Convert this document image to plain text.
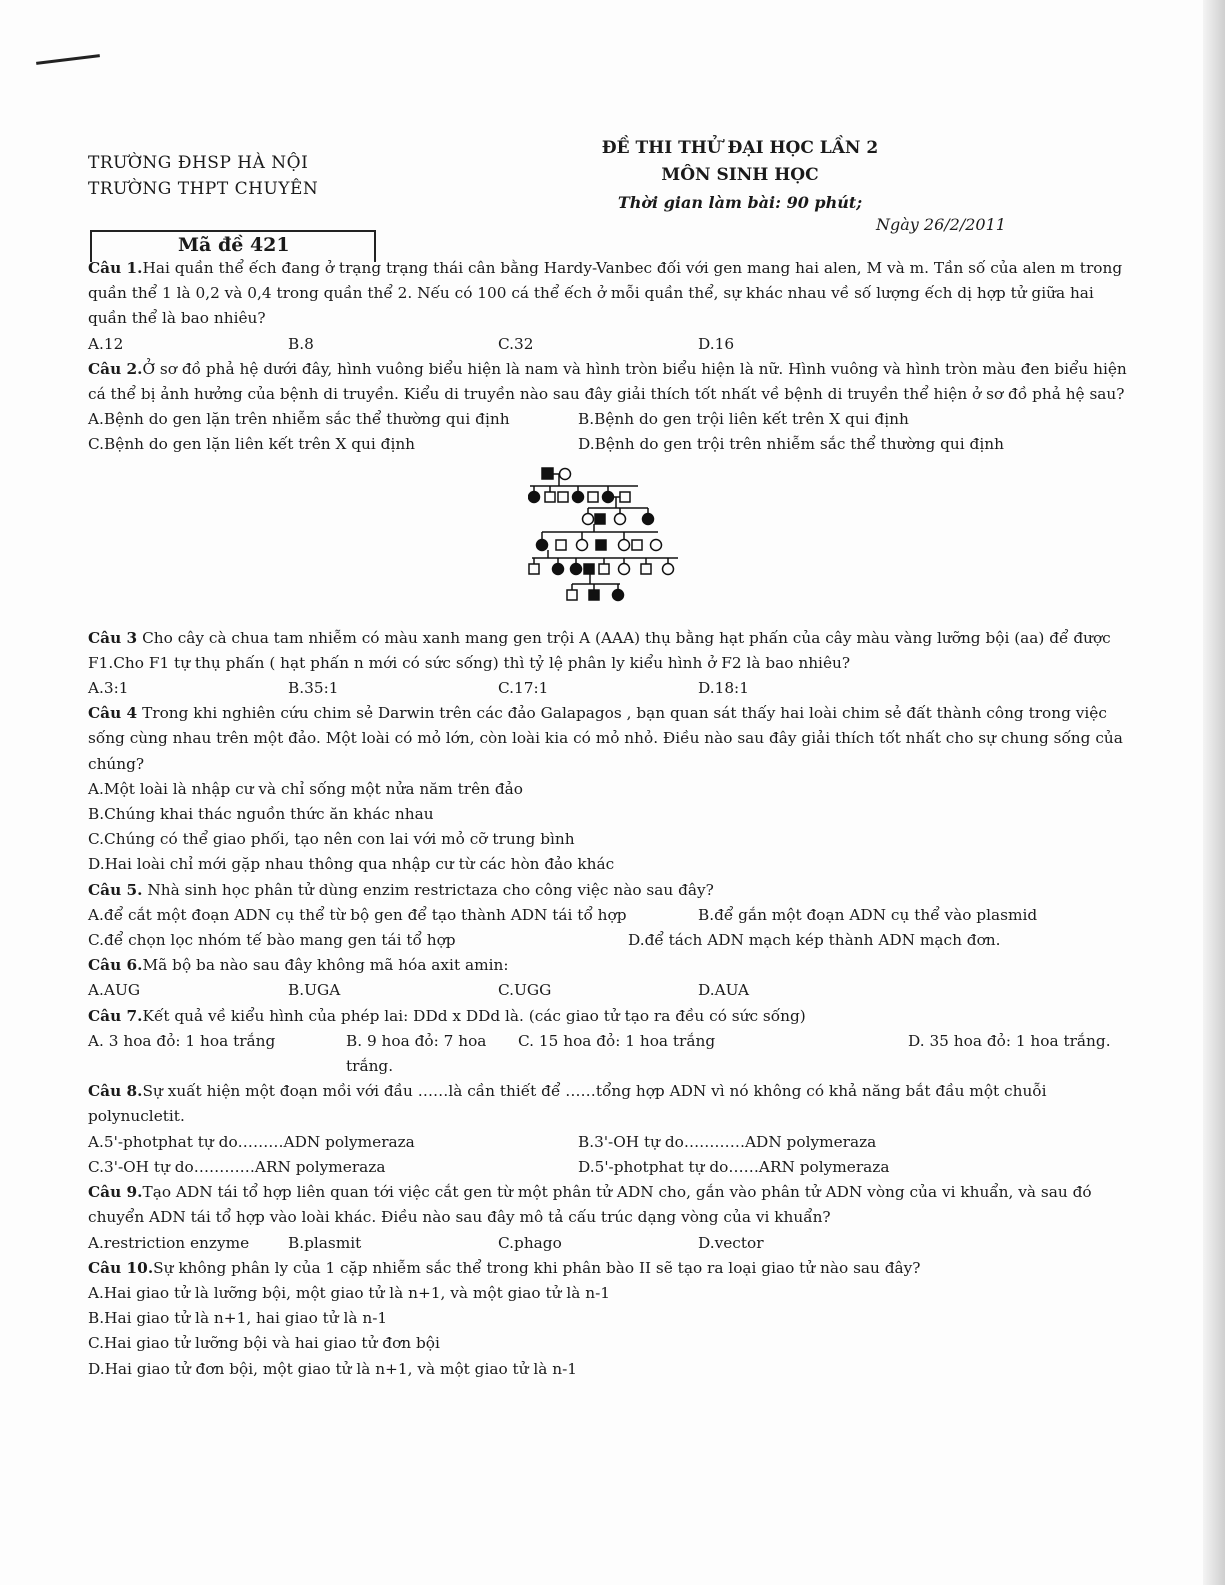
TRƯỜNG ĐHSP HÀ NỘI
TRƯỜNG THPT CHUYÊN
ĐỀ THI THỬ ĐẠI HỌC LẦN 2
MÔN SINH HỌC
Thời gian làm bài: 90 phút;
Ngày 26/2/2011
Mã đề 421

Câu 1.Hai quần thể ếch đang ở trạng trạng thái cân bằng Hardy-Vanbec đối với gen mang hai alen, M và m. Tần số của alen m trong quần thể 1 là 0,2 và 0,4 trong quần thể 2. Nếu có 100 cá thể ếch ở mỗi quần thể, sự khác nhau về số lượng ếch dị hợp tử giữa hai quần thể là bao nhiêu?

A.12	B.8	C.32	D.16

Câu 2.Ở sơ đồ phả hệ dưới đây, hình vuông biểu hiện là nam và hình tròn biểu hiện là nữ. Hình vuông và hình tròn màu đen biểu hiện cá thể bị ảnh hưởng của bệnh di truyền. Kiểu di truyền nào sau đây giải thích tốt nhất về bệnh di truyền thể hiện ở sơ đồ phả hệ sau?

A.Bệnh do gen lặn trên nhiễm sắc thể thường qui định	B.Bệnh do gen trội liên kết trên X qui định
C.Bệnh do gen lặn liên kết trên X qui định	D.Bệnh do gen trội trên nhiễm sắc thể thường qui định

Câu 3 Cho cây cà chua tam nhiễm có màu xanh mang gen trội A (AAA) thụ bằng hạt phấn của cây màu vàng lưỡng bội (aa) để được F1.Cho F1 tự thụ phấn ( hạt phấn n mới có sức sống) thì tỷ lệ phân ly kiểu hình ở F2 là bao nhiêu?

A.3:1	B.35:1	C.17:1	D.18:1

Câu 4 Trong khi nghiên cứu chim sẻ Darwin trên các đảo Galapagos , bạn quan sát thấy hai loài chim sẻ đất thành công trong việc sống cùng nhau trên một đảo. Một loài có mỏ lớn, còn loài kia có mỏ nhỏ. Điều nào sau đây giải thích tốt nhất cho sự chung sống của chúng?

A.Một loài là nhập cư và chỉ sống một nửa năm trên đảo

B.Chúng khai thác nguồn thức ăn khác nhau

C.Chúng có thể giao phối, tạo nên con lai với mỏ cỡ trung bình

D.Hai loài chỉ mới gặp nhau thông qua nhập cư từ các hòn đảo khác

Câu 5. Nhà sinh học phân tử dùng enzim restrictaza cho công việc nào sau đây?

A.để cắt một đoạn ADN cụ thể từ bộ gen để tạo thành ADN tái tổ hợp	B.để gắn một đoạn ADN cụ thể vào plasmid
C.để chọn lọc nhóm tế bào mang gen tái tổ hợp	D.để tách ADN mạch kép thành ADN mạch đơn.

Câu 6.Mã bộ ba nào sau đây không mã hóa axit amin:

A.AUG	B.UGA	C.UGG	D.AUA

Câu 7.Kết quả về kiểu hình của phép lai: DDd x DDd là. (các giao tử tạo ra đều có sức sống)

A. 3 hoa đỏ: 1 hoa trắng	B. 9 hoa đỏ: 7 hoa trắng.
C. 15 hoa đỏ: 1 hoa trắng	D. 35 hoa đỏ: 1 hoa trắng.

Câu 8.Sự xuất hiện một đoạn mồi với đầu ……là cần thiết để ……tổng hợp ADN vì nó không có khả năng bắt đầu một chuỗi polynucletit.

A.5'-photphat tự do………ADN polymeraza	B.3'-OH tự do…………ADN polymeraza
C.3'-OH tự do…………ARN polymeraza	D.5'-photphat tự do……ARN polymeraza

Câu 9.Tạo ADN tái tổ hợp liên quan tới việc cắt gen từ một phân tử ADN cho, gắn vào phân tử ADN vòng của vi khuẩn, và sau đó chuyển ADN tái tổ hợp vào loài khác. Điều nào sau đây mô tả cấu trúc dạng vòng của vi khuẩn?

A.restriction enzyme	B.plasmit	C.phago	D.vector

Câu 10.Sự không phân ly của 1 cặp nhiễm sắc thể trong khi phân bào II sẽ tạo ra loại giao tử nào sau đây?

A.Hai giao tử là lưỡng bội, một giao tử là n+1, và một giao tử là n-1

B.Hai giao tử là n+1, hai giao tử là n-1

C.Hai giao tử lưỡng bội và hai giao tử đơn bội

D.Hai giao tử đơn bội, một giao tử là n+1, và một giao tử là n-1
